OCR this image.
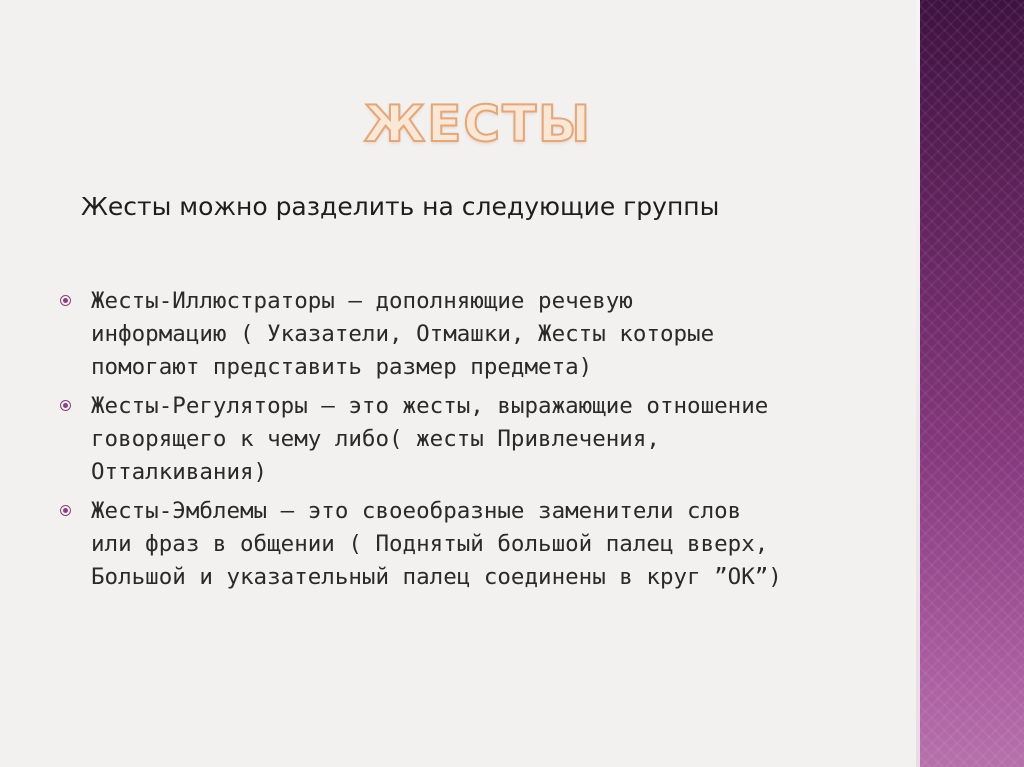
ЖЕСТЫ
Жесты можно разделить на следующие группы
Жесты-Иллюстраторы – дополняющие речевую
информацию ( Указатели, Отмашки, Жесты которые
помогают представить размер предмета)
Жесты-Регуляторы – это жесты, выражающие отношение
говорящего к чему либо( жесты Привлечения,
Отталкивания)
Жесты-Эмблемы – это своеобразные заменители слов
или фраз в общении ( Поднятый большой палец вверх,
Большой и указательный палец соединены в круг ”ОК”)
